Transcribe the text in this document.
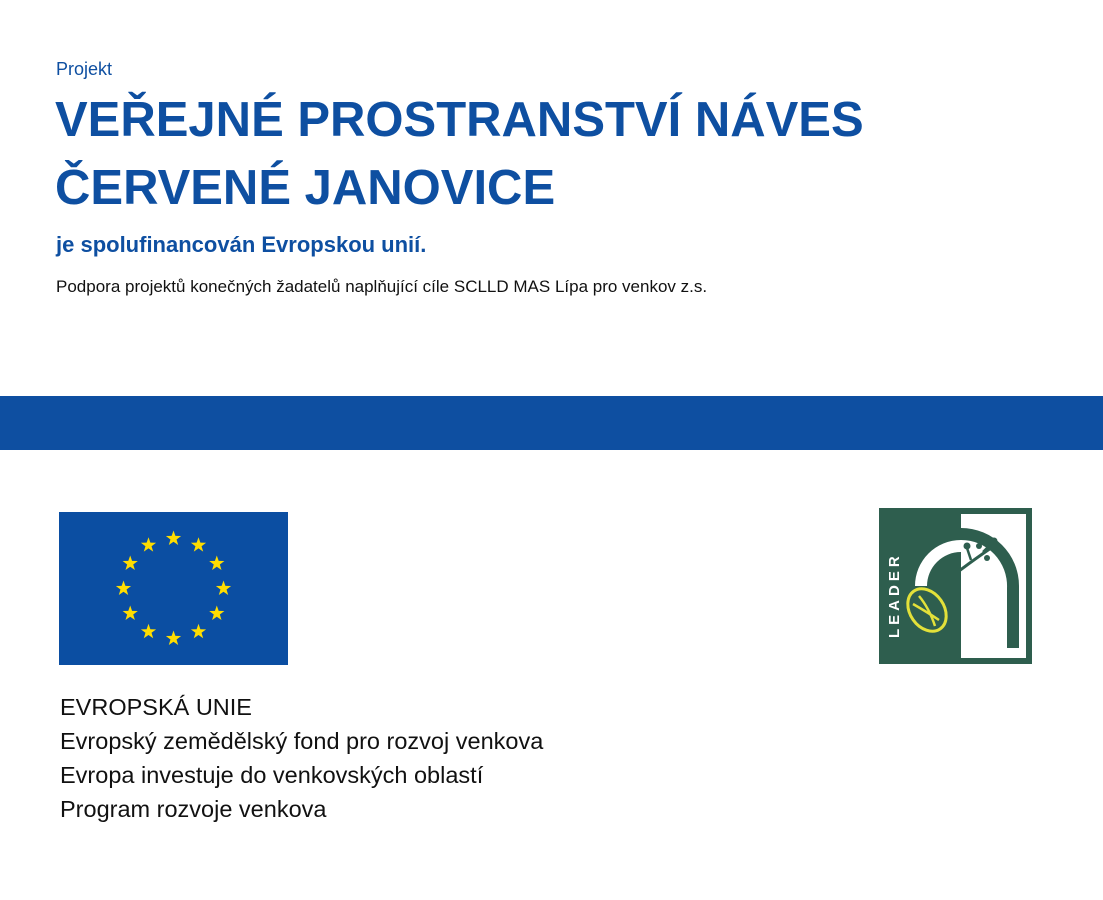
Projekt
VEŘEJNÉ PROSTRANSTVÍ NÁVES
ČERVENÉ JANOVICE
je spolufinancován Evropskou unií.
Podpora projektů konečných žadatelů naplňující cíle SCLLD MAS Lípa pro venkov z.s.
LEADER
EVROPSKÁ UNIE
Evropský zemědělský fond pro rozvoj venkova
Evropa investuje do venkovských oblastí
Program rozvoje venkova
